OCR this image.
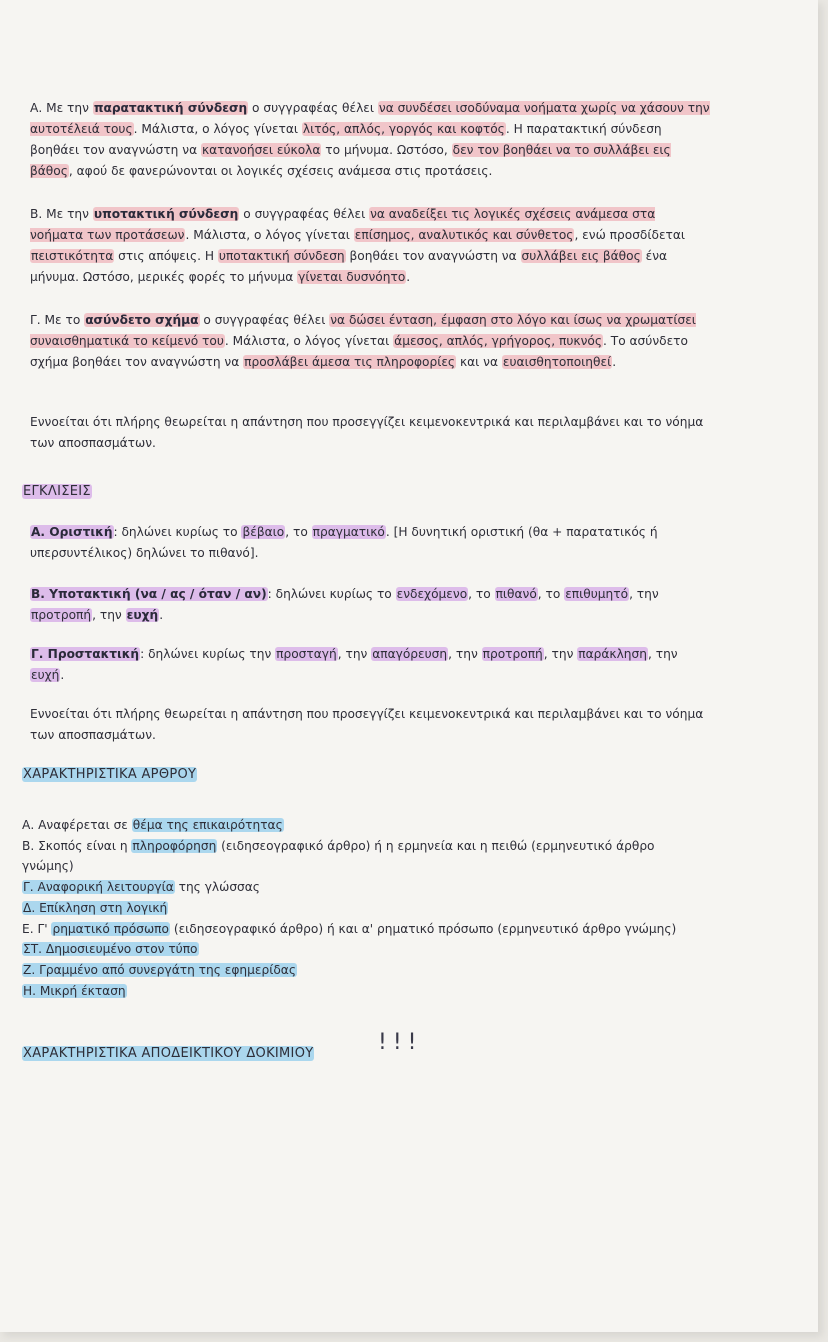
Α. Με την παρατακτική σύνδεση ο συγγραφέας θέλει να συνδέσει ισοδύναμα νοήματα χωρίς να χάσουν την αυτοτέλειά τους. Μάλιστα, ο λόγος γίνεται λιτός, απλός, γοργός και κοφτός. Η παρατακτική σύνδεση βοηθάει τον αναγνώστη να κατανοήσει εύκολα το μήνυμα. Ωστόσο, δεν τον βοηθάει να το συλλάβει εις βάθος, αφού δε φανερώνονται οι λογικές σχέσεις ανάμεσα στις προτάσεις.
Β. Με την υποτακτική σύνδεση ο συγγραφέας θέλει να αναδείξει τις λογικές σχέσεις ανάμεσα στα νοήματα των προτάσεων. Μάλιστα, ο λόγος γίνεται επίσημος, αναλυτικός και σύνθετος, ενώ προσδίδεται πειστικότητα στις απόψεις. Η υποτακτική σύνδεση βοηθάει τον αναγνώστη να συλλάβει εις βάθος ένα μήνυμα. Ωστόσο, μερικές φορές το μήνυμα γίνεται δυσνόητο.
Γ. Με το ασύνδετο σχήμα ο συγγραφέας θέλει να δώσει ένταση, έμφαση στο λόγο και ίσως να χρωματίσει συναισθηματικά το κείμενό του. Μάλιστα, ο λόγος γίνεται άμεσος, απλός, γρήγορος, πυκνός. Το ασύνδετο σχήμα βοηθάει τον αναγνώστη να προσλάβει άμεσα τις πληροφορίες και να ευαισθητοποιηθεί.
Εννοείται ότι πλήρης θεωρείται η απάντηση που προσεγγίζει κειμενοκεντρικά και περιλαμβάνει και το νόημα των αποσπασμάτων.
ΕΓΚΛΙΣΕΙΣ
Α. Οριστική: δηλώνει κυρίως το βέβαιο, το πραγματικό. [Η δυνητική οριστική (θα + παρατατικός ή υπερσυντέλικος) δηλώνει το πιθανό].
Β. Υποτακτική (να / ας / όταν / αν): δηλώνει κυρίως το ενδεχόμενο, το πιθανό, το επιθυμητό, την προτροπή, την ευχή.
Γ. Προστακτική: δηλώνει κυρίως την προσταγή, την απαγόρευση, την προτροπή, την παράκληση, την ευχή.
Εννοείται ότι πλήρης θεωρείται η απάντηση που προσεγγίζει κειμενοκεντρικά και περιλαμβάνει και το νόημα των αποσπασμάτων.
ΧΑΡΑΚΤΗΡΙΣΤΙΚΑ ΑΡΘΡΟΥ
Α. Αναφέρεται σε θέμα της επικαιρότητας
Β. Σκοπός είναι η πληροφόρηση (ειδησεογραφικό άρθρο) ή η ερμηνεία και η πειθώ (ερμηνευτικό άρθρο γνώμης)
Γ. Αναφορική λειτουργία της γλώσσας
Δ. Επίκληση στη λογική
Ε. Γ' ρηματικό πρόσωπο (ειδησεογραφικό άρθρο) ή και α' ρηματικό πρόσωπο (ερμηνευτικό άρθρο γνώμης)
ΣΤ. Δημοσιευμένο στον τύπο
Ζ. Γραμμένο από συνεργάτη της εφημερίδας
Η. Μικρή έκταση
ΧΑΡΑΚΤΗΡΙΣΤΙΚΑ ΑΠΟΔΕΙΚΤΙΚΟΥ ΔΟΚΙΜΙΟΥ	!!!
